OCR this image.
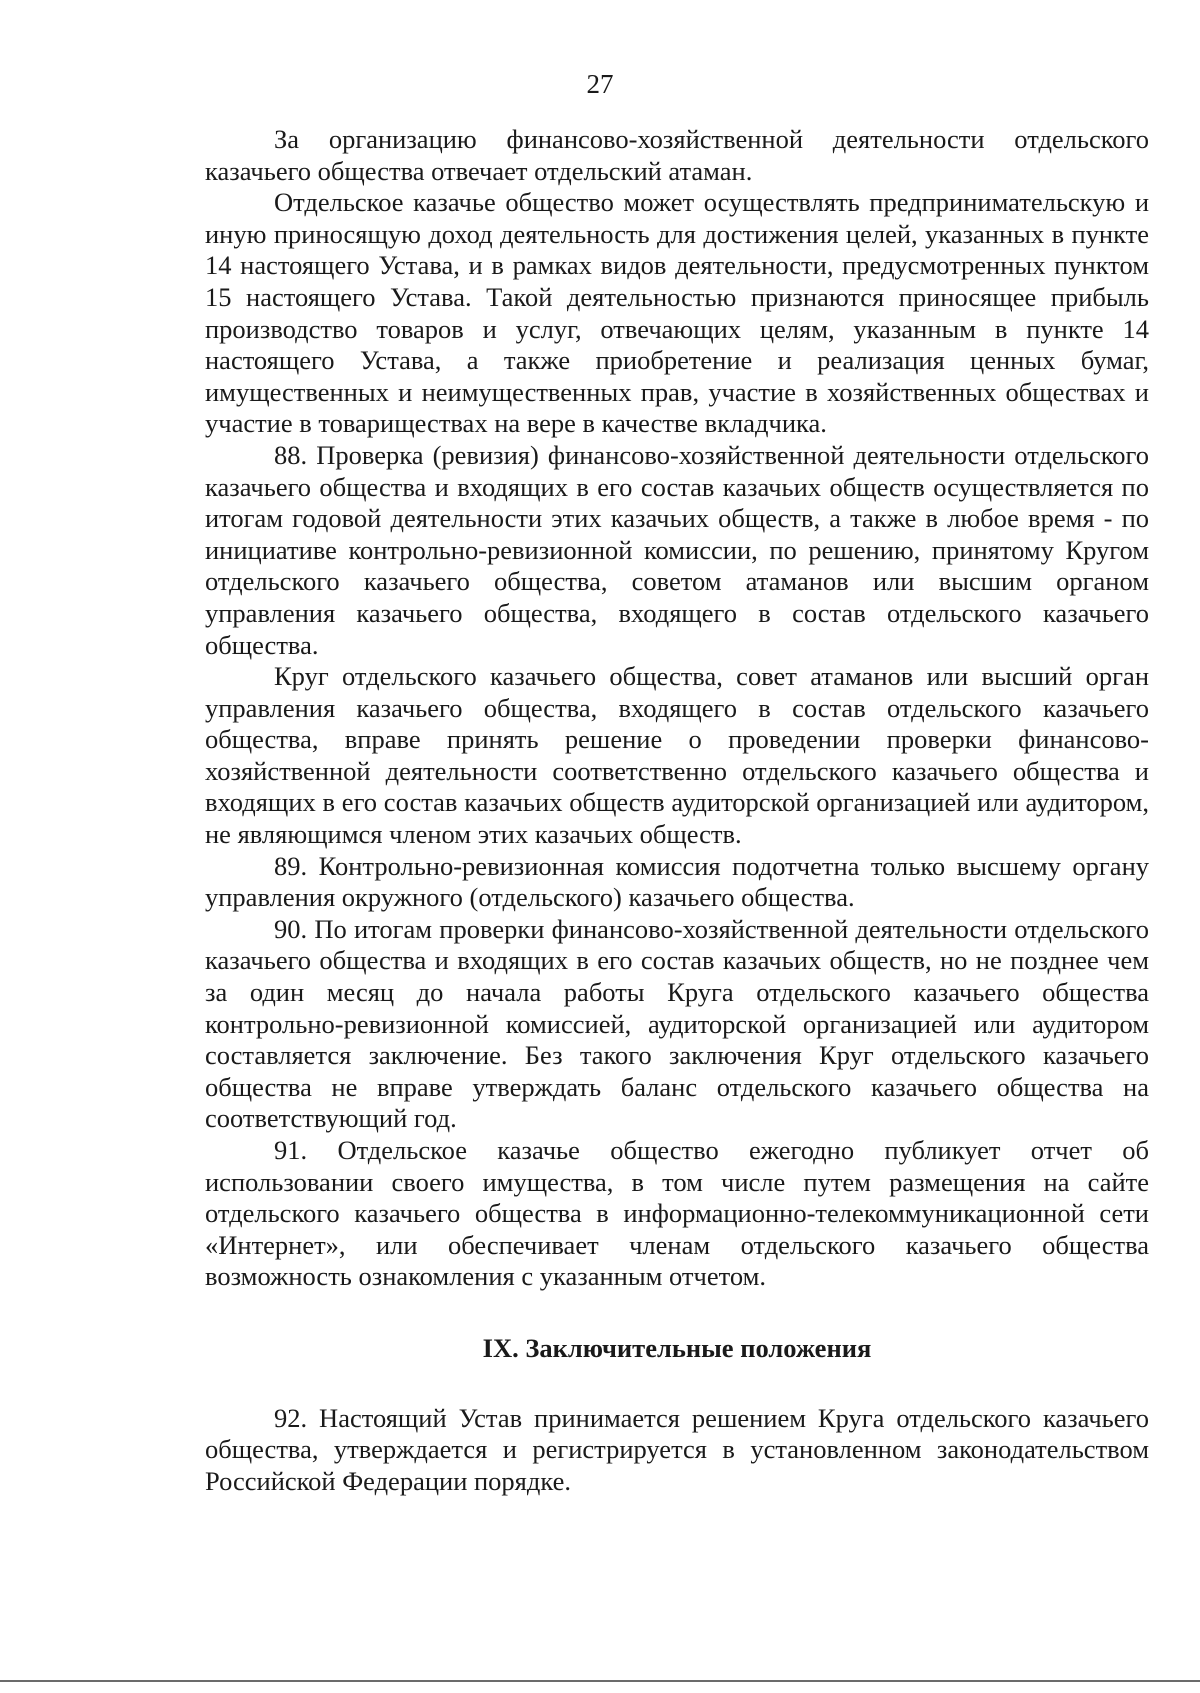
27

За организацию финансово-хозяйственной деятельности отдельского казачьего общества отвечает отдельский атаман.

Отдельское казачье общество может осуществлять предпринимательскую и иную приносящую доход деятельность для достижения целей, указанных в пункте 14 настоящего Устава, и в рамках видов деятельности, предусмотренных пунктом 15 настоящего Устава. Такой деятельностью признаются приносящее прибыль производство товаров и услуг, отвечающих целям, указанным в пункте 14 настоящего Устава, а также приобретение и реализация ценных бумаг, имущественных и неимущественных прав, участие в хозяйственных обществах и участие в товариществах на вере в качестве вкладчика.

88. Проверка (ревизия) финансово-хозяйственной деятельности отдельского казачьего общества и входящих в его состав казачьих обществ осуществляется по итогам годовой деятельности этих казачьих обществ, а также в любое время - по инициативе контрольно-ревизионной комиссии, по решению, принятому Кругом отдельского казачьего общества, советом атаманов или высшим органом управления казачьего общества, входящего в состав отдельского казачьего общества.

Круг отдельского казачьего общества, совет атаманов или высший орган управления казачьего общества, входящего в состав отдельского казачьего общества, вправе принять решение о проведении проверки финансово-хозяйственной деятельности соответственно отдельского казачьего общества и входящих в его состав казачьих обществ аудиторской организацией или аудитором, не являющимся членом этих казачьих обществ.

89. Контрольно-ревизионная комиссия подотчетна только высшему органу управления окружного (отдельского) казачьего общества.

90. По итогам проверки финансово-хозяйственной деятельности отдельского казачьего общества и входящих в его состав казачьих обществ, но не позднее чем за один месяц до начала работы Круга отдельского казачьего общества контрольно-ревизионной комиссией, аудиторской организацией или аудитором составляется заключение. Без такого заключения Круг отдельского казачьего общества не вправе утверждать баланс отдельского казачьего общества на соответствующий год.

91. Отдельское казачье общество ежегодно публикует отчет об использовании своего имущества, в том числе путем размещения на сайте отдельского казачьего общества в информационно-телекоммуникационной сети «Интернет», или обеспечивает членам отдельского казачьего общества возможность ознакомления с указанным отчетом.

IX. Заключительные положения

92. Настоящий Устав принимается решением Круга отдельского казачьего общества, утверждается и регистрируется в установленном законодательством Российской Федерации порядке.
